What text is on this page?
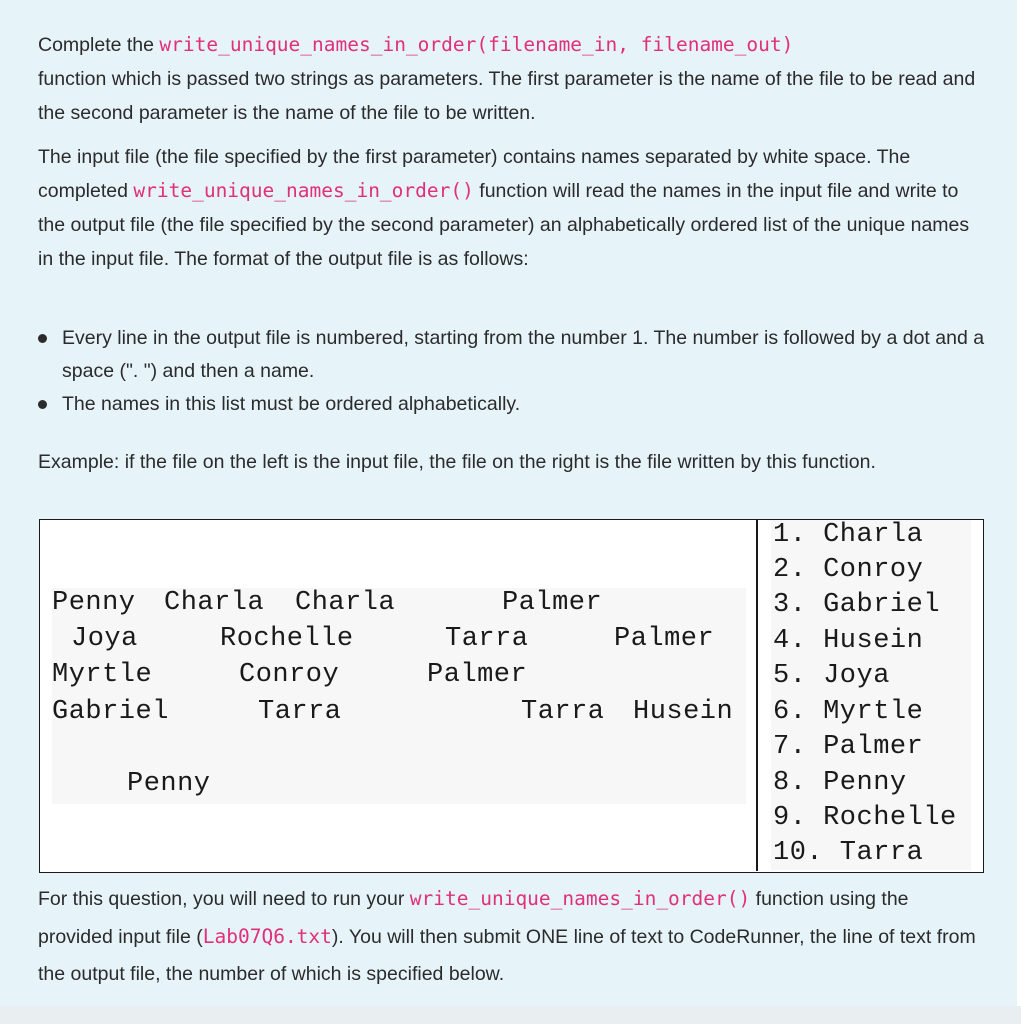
Complete the write_unique_names_in_order(filename_in, filename_out)
function which is passed two strings as parameters. The first parameter is the name of the file to be read and the second parameter is the name of the file to be written.

The input file (the file specified by the first parameter) contains names separated by white space. The completed write_unique_names_in_order() function will read the names in the input file and write to the output file (the file specified by the second parameter) an alphabetically ordered list of the unique names in the input file. The format of the output file is as follows:

Every line in the output file is numbered, starting from the number 1. The number is followed by a dot and a space (". ") and then a name.
The names in this list must be ordered alphabetically.

Example: if the file on the left is the input file, the file on the right is the file written by this function.

Penny Charla Charla	Palmer
Joya	Rochelle	Tarra	Palmer
Myrtle	Conroy	Palmer
Gabriel	Tarra	Tarra Husein
Penny
1. Charla
2. Conroy
3. Gabriel
4. Husein
5. Joya
6. Myrtle
7. Palmer
8. Penny
9. Rochelle
10. Tarra

For this question, you will need to run your write_unique_names_in_order() function using the provided input file (Lab07Q6.txt). You will then submit ONE line of text to CodeRunner, the line of text from the output file, the number of which is specified below.
